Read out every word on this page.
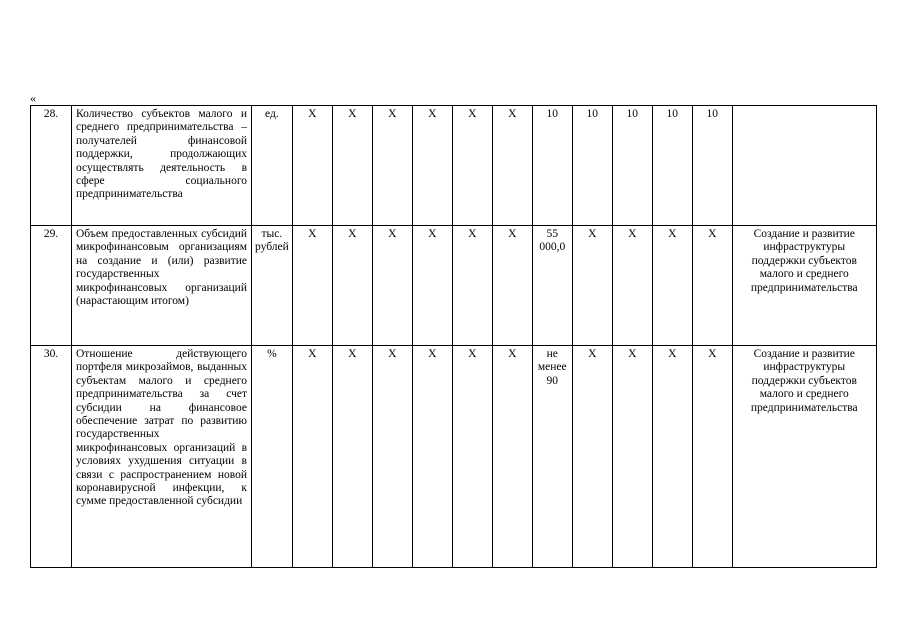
«
28.	Количество субъектов малого и среднего предпринимательства – получателей финансовой поддержки, продолжающих осуществлять деятельность в сфере социального предпринимательства	ед.	Х	Х	Х	Х	Х	Х	10	10	10	10	10	
29.	Объем предоставленных субсидий микрофинансовым организациям на создание и (или) развитие государственных микрофинансовых организаций (нарастающим итогом)	тыс. рублей	Х	Х	Х	Х	Х	Х	55 000,0	Х	Х	Х	Х	Создание и развитие инфраструктуры поддержки субъектов малого и среднего предпринимательства
30.	Отношение действующего портфеля микрозаймов, выданных субъектам малого и среднего предпринимательства за счет субсидии на финансовое обеспечение затрат по развитию государственных микрофинансовых организаций в условиях ухудшения ситуации в связи с распространением новой коронавирусной инфекции, к сумме предоставленной субсидии	%	Х	Х	Х	Х	Х	Х	не менее 90	Х	Х	Х	Х	Создание и развитие инфраструктуры поддержки субъектов малого и среднего предпринимательства
